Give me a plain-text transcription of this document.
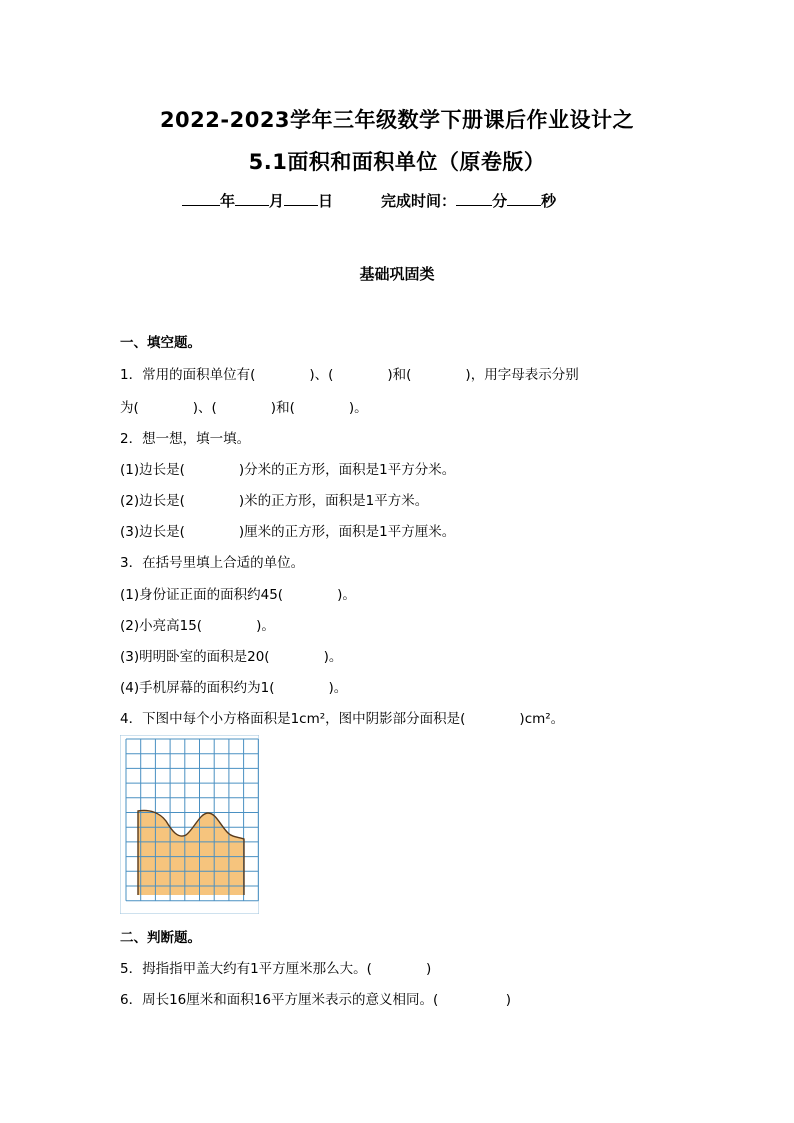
2022-2023学年三年级数学下册课后作业设计之
5.1面积和面积单位（原卷版）
年 月 日	完成时间： 分 秒
基础巩固类
一、填空题。
1．常用的面积单位有(　　　　)、(　　　　)和(　　　　)，用字母表示分别
为(　　　　)、(　　　　)和(　　　　)。
2．想一想，填一填。
(1)边长是(　　　　)分米的正方形，面积是1平方分米。
(2)边长是(　　　　)米的正方形，面积是1平方米。
(3)边长是(　　　　)厘米的正方形，面积是1平方厘米。
3．在括号里填上合适的单位。
(1)身份证正面的面积约45(　　　　)。
(2)小亮高15(　　　　)。
(3)明明卧室的面积是20(　　　　)。
(4)手机屏幕的面积约为1(　　　　)。
4．下图中每个小方格面积是1cm²，图中阴影部分面积是(　　　　)cm²。
二、判断题。
5．拇指指甲盖大约有1平方厘米那么大。(　　　　)
6．周长16厘米和面积16平方厘米表示的意义相同。(　　　　　)
